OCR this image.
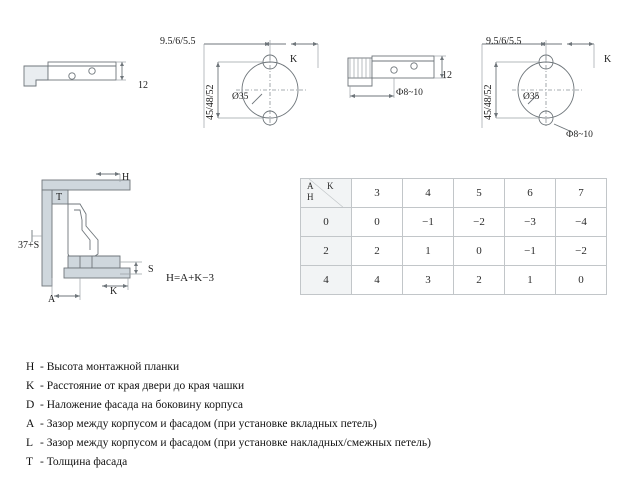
12
9.5/6/5.5
K
45/48/52 Ø35
12
Ф8~10
9.5/6/5.5
K
45/48/52	Ø35
Ф8~10
H
T
S
K
A
37+S
H=A+K−3
A K
H	3	4	5	6	7
0	0	−1	−2	−3	−4
2	2	1	0	−1	−2
4	4	3	2	1	0
H - Высота монтажной планки
K - Расстояние от края двери до края чашки
D - Наложение фасада на боковину корпуса
A - Зазор между корпусом и фасадом (при установке вкладных петель)
L - Зазор между корпусом и фасадом (при установке накладных/смежных петель)
T - Толщина фасада
